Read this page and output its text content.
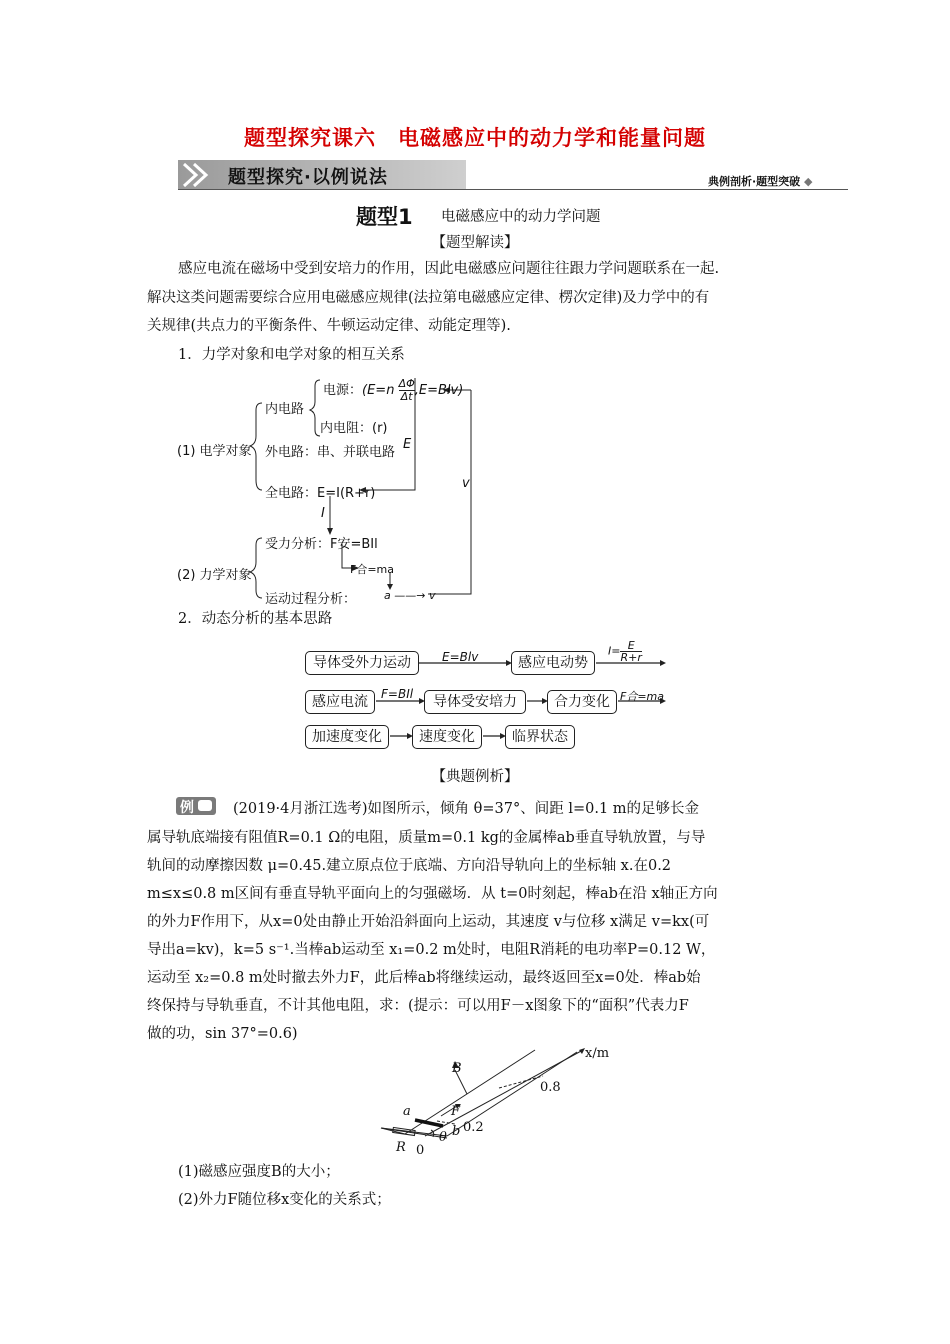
题型探究课六　电磁感应中的动力学和能量问题
题型探究·以例说法	典例剖析·题型突破 ◆
题型1 电磁感应中的动力学问题
【题型解读】
感应电流在磁场中受到安培力的作用，因此电磁感应问题往往跟力学问题联系在一起.
解决这类问题需要综合应用电磁感应规律(法拉第电磁感应定律、楞次定律)及力学中的有
关规律(共点力的平衡条件、牛顿运动定律、动能定理等).
1．力学对象和电学对象的相互关系
(1) 电学对象
内电路
电源：$(E=n \frac{\Delta\Phi}{\Delta t} ,E=Blv)$
内电阻：(r)
外电路：串、并联电路
E
全电路：E=I(R+r)
v
I
受力分析：F安=BIl
(2) 力学对象	F合=ma
运动过程分析：	a ——→ v
2．动态分析的基本思路
导体受外力运动	感应电动势
感应电流	导体受安培力	合力变化
加速度变化	速度变化	临界状态
E=Blv	$I= \frac{E}{R+r}$
F=BIl	F合=ma
【典题例析】
例	(2019·4月浙江选考)如图所示，倾角 θ=37°、间距 l=0.1 m的足够长金
属导轨底端接有阻值R=0.1 Ω的电阻，质量m=0.1 kg的金属棒ab垂直导轨放置，与导
轨间的动摩擦因数 μ=0.45.建立原点位于底端、方向沿导轨向上的坐标轴 x.在0.2
m≤x≤0.8 m区间有垂直导轨平面向上的匀强磁场．从 t=0时刻起，棒ab在沿 x轴正方向
的外力F作用下，从x=0处由静止开始沿斜面向上运动，其速度 v与位移 x满足 v=kx(可
导出a=kv)，k=5 s⁻¹.当棒ab运动至 x₁=0.2 m处时，电阻R消耗的电功率P=0.12 W，
运动至 x₂=0.8 m处时撤去外力F，此后棒ab将继续运动，最终返回至x=0处．棒ab始
终保持与导轨垂直，不计其他电阻，求：(提示：可以用F－x图象下的“面积”代表力F
做的功，sin 37°=0.6)
x/m
B
0.8
a	F
b 0.2
θ
R 0
(1)磁感应强度B的大小；
(2)外力F随位移x变化的关系式；
